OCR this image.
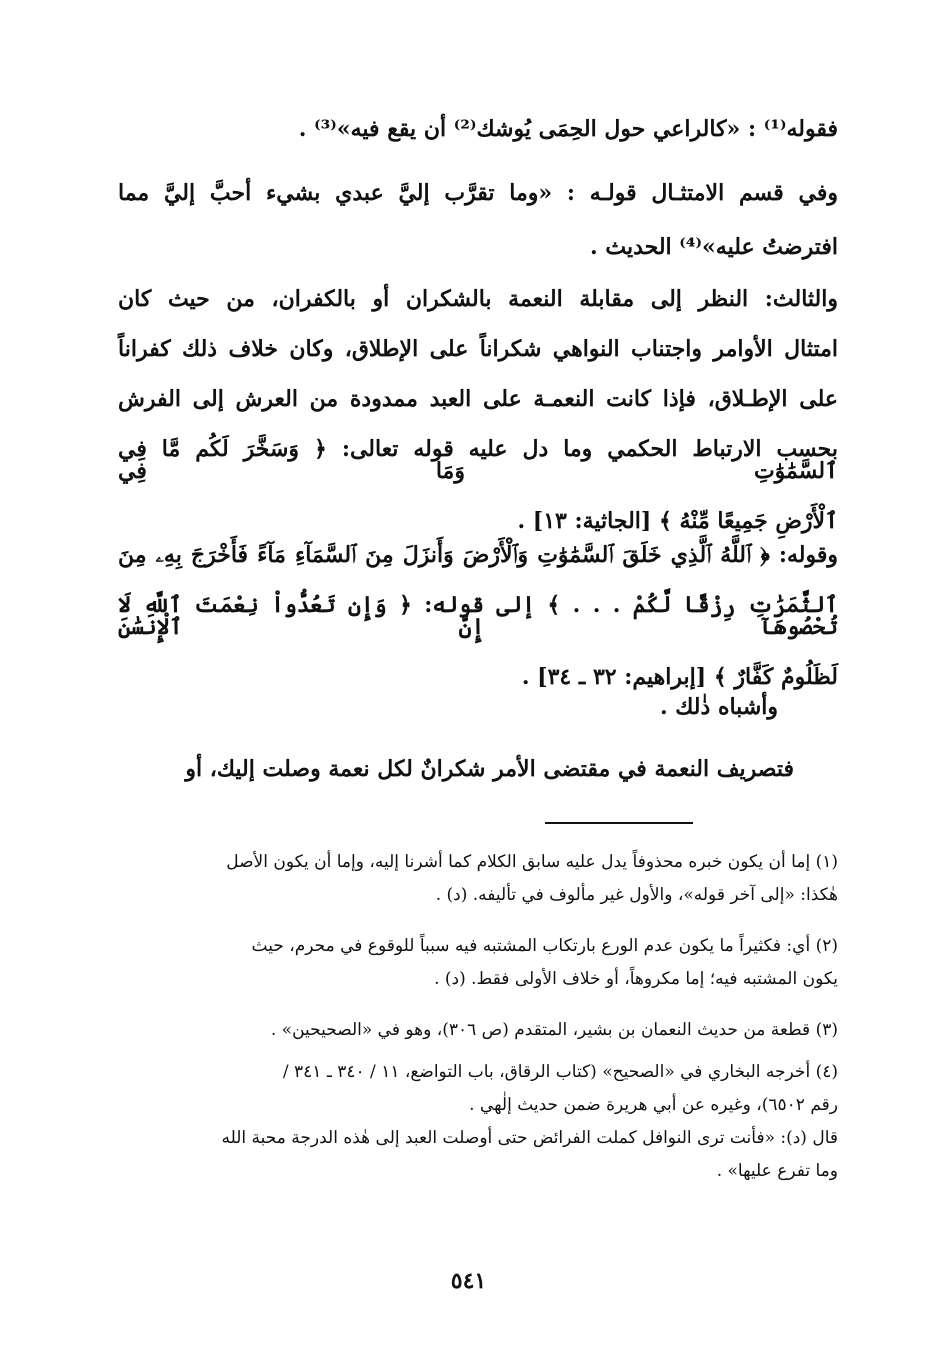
فقوله⁽¹⁾ : «كالراعي حول الحِمَى يُوشك⁽²⁾ أن يقع فيه»⁽³⁾ .
وفي قسم الامتثـال قولـه : «وما تقرَّب إليَّ عبدي بشيء أحبَّ إليَّ مما
افترضتُ عليه»⁽⁴⁾ الحديث .
والثالث: النظر إلى مقابلة النعمة بالشكران أو بالكفران، من حيث كان
امتثال الأوامر واجتناب النواهي شكراناً على الإطلاق، وكان خلاف ذلك كفراناً
على الإطـلاق، فإذا كانت النعمـة على العبد ممدودة من العرش إلى الفرش
بحسب الارتباط الحكمي وما دل عليه قوله تعالى: ﴿ وَسَخَّرَ لَكُم مَّا فِي ٱلسَّمَٰوَٰتِ وَمَا فِي
ٱلْأَرْضِ جَمِيعًا مِّنْهُ ﴾ [الجاثية: ١٣] .
وقوله: ﴿ ٱللَّهُ ٱلَّذِي خَلَقَ ٱلسَّمَٰوَٰتِ وَٱلْأَرْضَ وَأَنزَلَ مِنَ ٱلسَّمَآءِ مَآءً فَأَخْرَجَ بِهِۦ مِنَ
ٱلثَّمَرَٰتِ رِزْقًا لَّكُمْ . . . ﴾ إلى قوله: ﴿ وَإِن تَعُدُّواْ نِعْمَتَ ٱللَّهِ لَا تُحْصُوهَآ إِنَّ ٱلْإِنسَٰنَ
لَظَلُومٌ كَفَّارٌ ﴾ [إبراهيم: ٣٢ ـ ٣٤] .
وأشباه ذٰلك .
فتصريف النعمة في مقتضى الأمر شكرانٌ لكل نعمة وصلت إليك، أو
(١) إما أن يكون خبره محذوفاً يدل عليه سابق الكلام كما أشرنا إليه، وإما أن يكون الأصل
هٰكذا: «إلى آخر قوله»، والأول غير مألوف في تأليفه. (د) .
(٢) أي: فكثيراً ما يكون عدم الورع بارتكاب المشتبه فيه سبباً للوقوع في محرم، حيث
يكون المشتبه فيه؛ إما مكروهاً، أو خلاف الأولى فقط. (د) .
(٣) قطعة من حديث النعمان بن بشير، المتقدم (ص ٣٠٦)، وهو في «الصحيحين» .
(٤) أخرجه البخاري في «الصحيح» (كتاب الرقاق، باب التواضع، ١١ / ٣٤٠ ـ ٣٤١ /
رقم ٦٥٠٢)، وغيره عن أبي هريرة ضمن حديث إلٰهي .
قال (د): «فأنت ترى النوافل كملت الفرائض حتى أوصلت العبد إلى هٰذه الدرجة محبة الله
وما تفرع عليها» .
٥٤١
